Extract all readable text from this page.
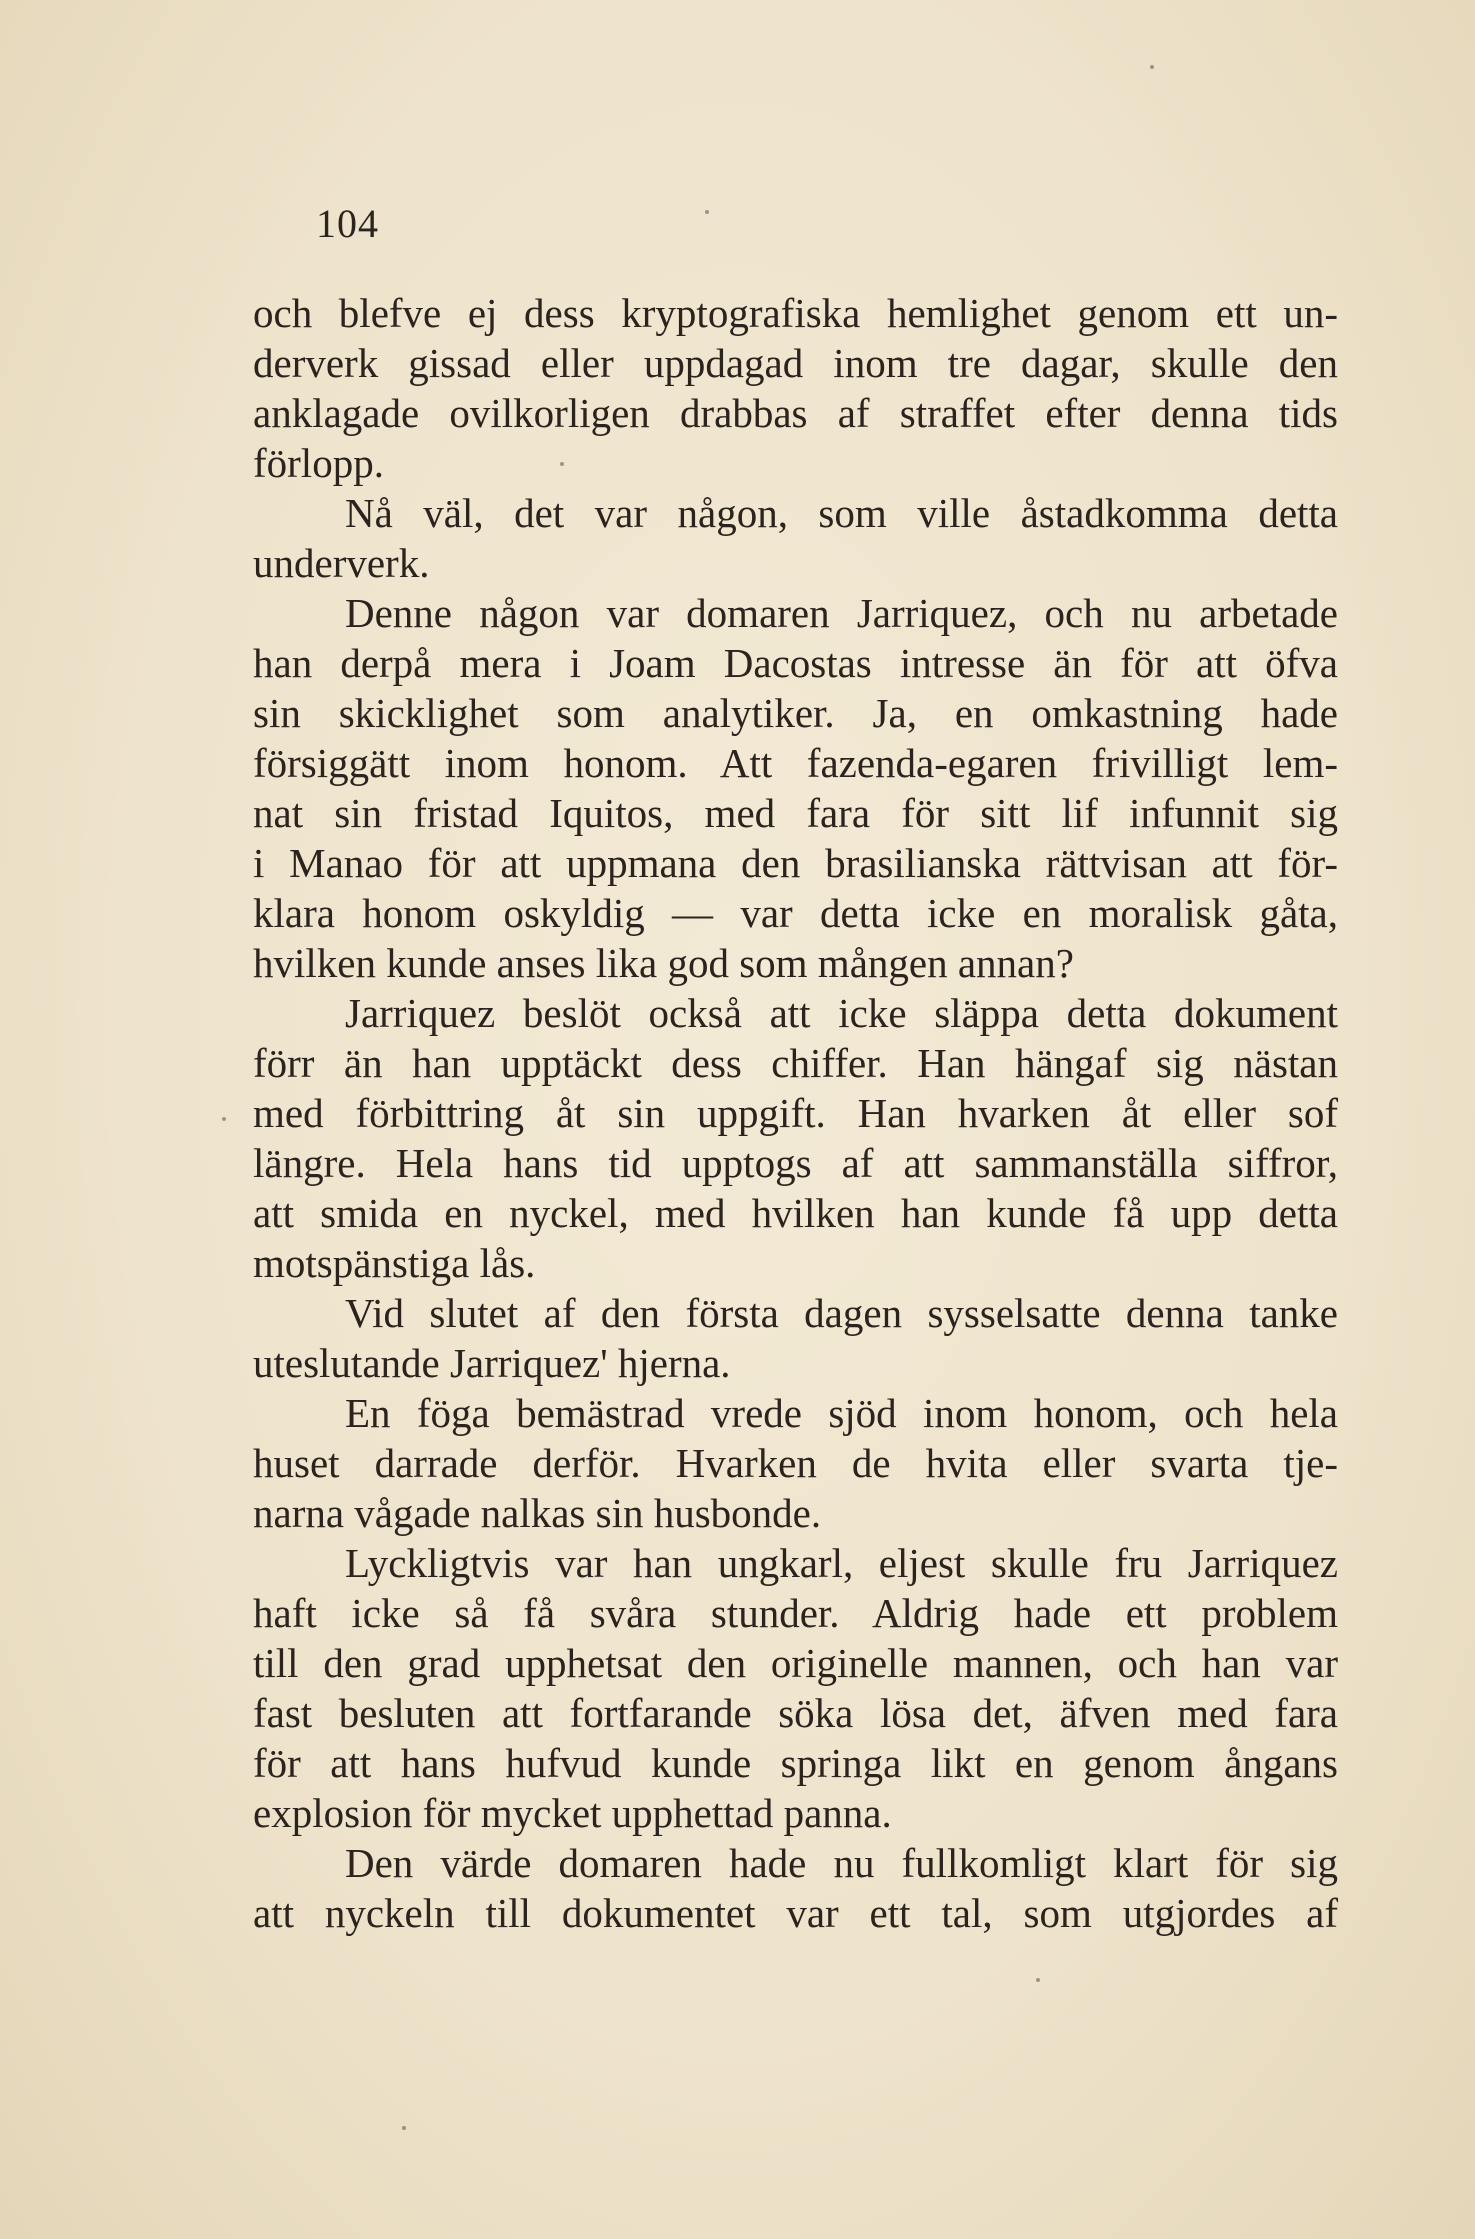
104
och blefve ej dess kryptografiska hemlighet genom ett un-
derverk gissad eller uppdagad inom tre dagar, skulle den
anklagade ovilkorligen drabbas af straffet efter denna tids
förlopp.
Nå väl, det var någon, som ville åstadkomma detta
underverk.
Denne någon var domaren Jarriquez, och nu arbetade
han derpå mera i Joam Dacostas intresse än för att öfva
sin skicklighet som analytiker. Ja, en omkastning hade
försiggätt inom honom. Att fazenda-egaren frivilligt lem-
nat sin fristad Iquitos, med fara för sitt lif infunnit sig
i Manao för att uppmana den brasilianska rättvisan att för-
klara honom oskyldig — var detta icke en moralisk gåta,
hvilken kunde anses lika god som mången annan?
Jarriquez beslöt också att icke släppa detta dokument
förr än han upptäckt dess chiffer. Han hängaf sig nästan
med förbittring åt sin uppgift. Han hvarken åt eller sof
längre. Hela hans tid upptogs af att sammanställa siffror,
att smida en nyckel, med hvilken han kunde få upp detta
motspänstiga lås.
Vid slutet af den första dagen sysselsatte denna tanke
uteslutande Jarriquez' hjerna.
En föga bemästrad vrede sjöd inom honom, och hela
huset darrade derför. Hvarken de hvita eller svarta tje-
narna vågade nalkas sin husbonde.
Lyckligtvis var han ungkarl, eljest skulle fru Jarriquez
haft icke så få svåra stunder. Aldrig hade ett problem
till den grad upphetsat den originelle mannen, och han var
fast besluten att fortfarande söka lösa det, äfven med fara
för att hans hufvud kunde springa likt en genom ångans
explosion för mycket upphettad panna.
Den värde domaren hade nu fullkomligt klart för sig
att nyckeln till dokumentet var ett tal, som utgjordes af
